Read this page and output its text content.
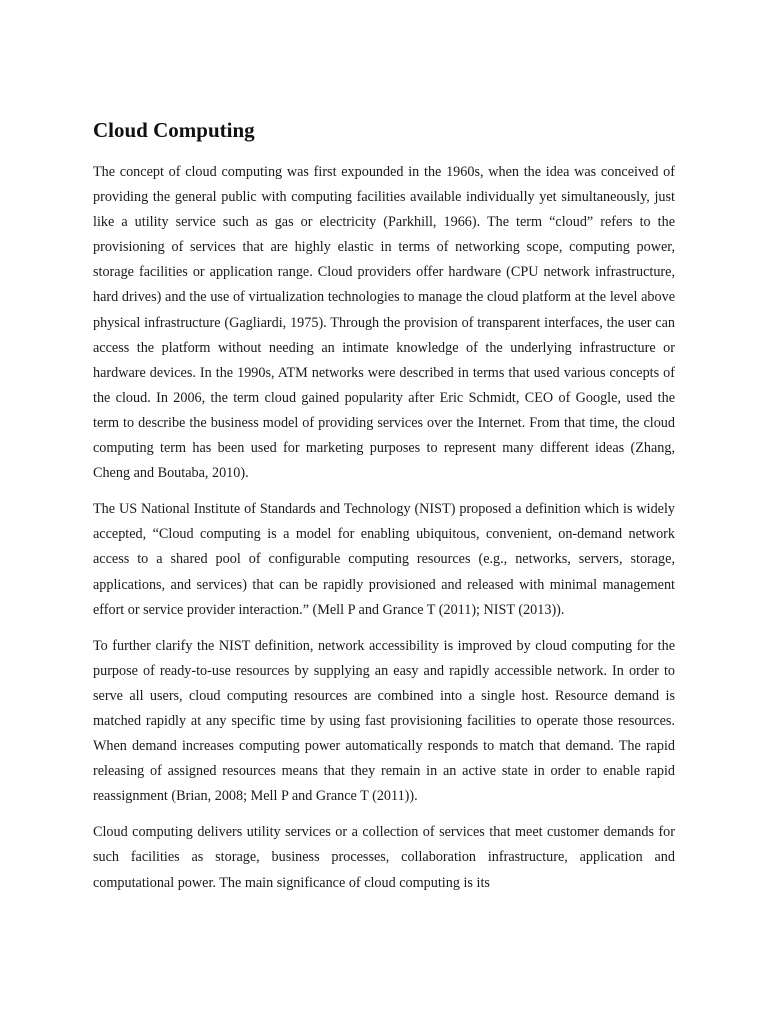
Cloud Computing

The concept of cloud computing was first expounded in the 1960s, when the idea was conceived of providing the general public with computing facilities available individually yet simultaneously, just like a utility service such as gas or electricity (Parkhill, 1966). The term “cloud” refers to the provisioning of services that are highly elastic in terms of networking scope, computing power, storage facilities or application range. Cloud providers offer hardware (CPU network infrastructure, hard drives) and the use of virtualization technologies to manage the cloud platform at the level above physical infrastructure (Gagliardi, 1975). Through the provision of transparent interfaces, the user can access the platform without needing an intimate knowledge of the underlying infrastructure or hardware devices. In the 1990s, ATM networks were described in terms that used various concepts of the cloud. In 2006, the term cloud gained popularity after Eric Schmidt, CEO of Google, used the term to describe the business model of providing services over the Internet. From that time, the cloud computing term has been used for marketing purposes to represent many different ideas (Zhang, Cheng and Boutaba, 2010).

The US National Institute of Standards and Technology (NIST) proposed a definition which is widely accepted, “Cloud computing is a model for enabling ubiquitous, convenient, on-demand network access to a shared pool of configurable computing resources (e.g., networks, servers, storage, applications, and services) that can be rapidly provisioned and released with minimal management effort or service provider interaction.” (Mell P and Grance T (2011); NIST (2013)).

To further clarify the NIST definition, network accessibility is improved by cloud computing for the purpose of ready-to-use resources by supplying an easy and rapidly accessible network. In order to serve all users, cloud computing resources are combined into a single host. Resource demand is matched rapidly at any specific time by using fast provisioning facilities to operate those resources. When demand increases computing power automatically responds to match that demand. The rapid releasing of assigned resources means that they remain in an active state in order to enable rapid reassignment (Brian, 2008; Mell P and Grance T (2011)).

Cloud computing delivers utility services or a collection of services that meet customer demands for such facilities as storage, business processes, collaboration infrastructure, application and computational power. The main significance of cloud computing is its
